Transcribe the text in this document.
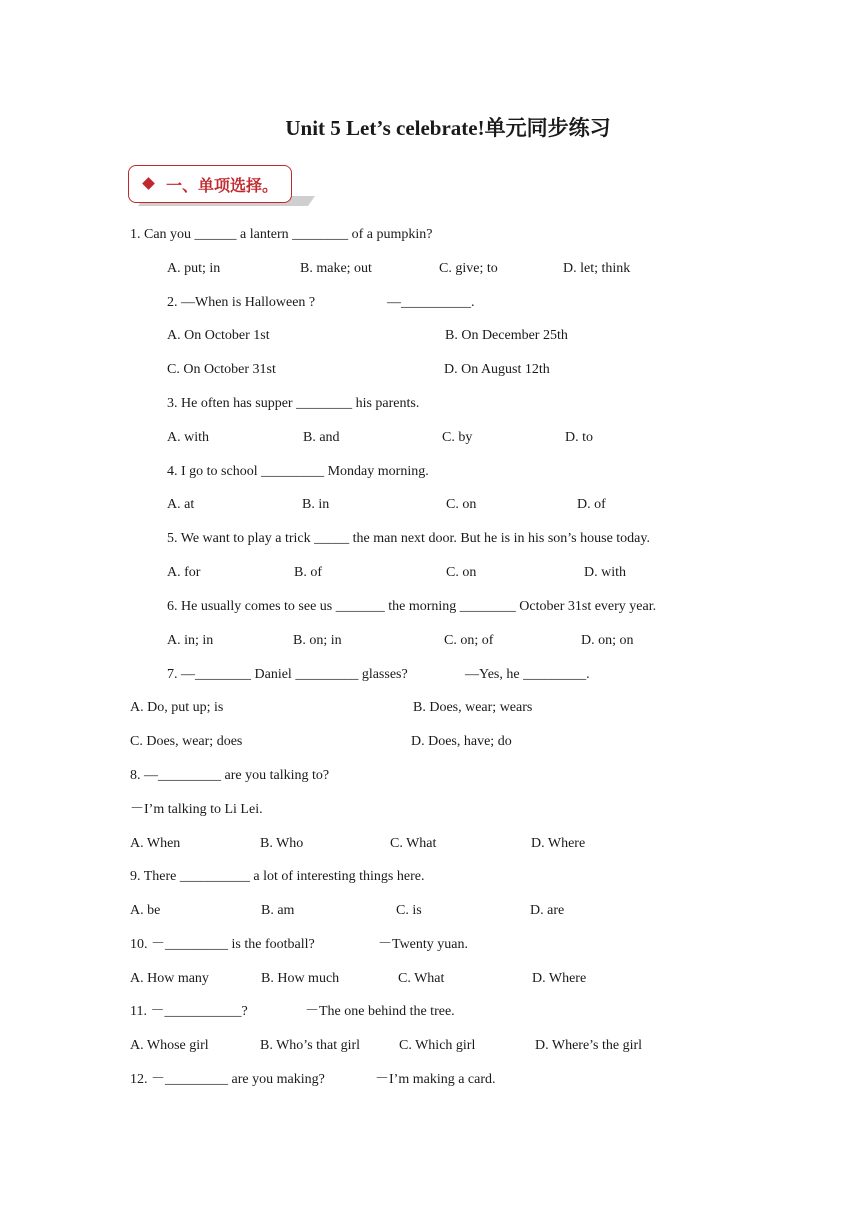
Unit 5 Let’s celebrate!单元同步练习
一、单项选择。
1. Can you ______ a lantern ________ of a pumpkin?
A. put; in	B. make; out	C. give; to	D. let; think
2. —When is Halloween ?	—__________.
A. On October 1st	B. On December 25th
C. On October 31st	D. On August 12th
3. He often has supper ________ his parents.
A. with	B. and	C. by	D. to
4. I go to school _________ Monday morning.
A. at	B. in	C. on	D. of
5. We want to play a trick _____ the man next door. But he is in his son’s house today.
A. for	B. of	C. on	D. with
6. He usually comes to see us _______ the morning ________ October 31st every year.
A. in; in	B. on; in	C. on; of	D. on; on
7. —________ Daniel _________ glasses?	—Yes, he _________.
A. Do, put up; is	B. Does, wear; wears
C. Does, wear; does	D. Does, have; do
8. —_________ are you talking to?
－I’m talking to Li Lei.
A. When	B. Who	C. What	D. Where
9. There __________ a lot of interesting things here.
A. be	B. am	C. is	D. are
10. －_________ is the football?	－Twenty yuan.
A. How many	B. How much	C. What	D. Where
11. －___________?	－The one behind the tree.
A. Whose girl	B. Who’s that girl	C. Which girl	D. Where’s the girl
12. －_________ are you making?	－I’m making a card.
